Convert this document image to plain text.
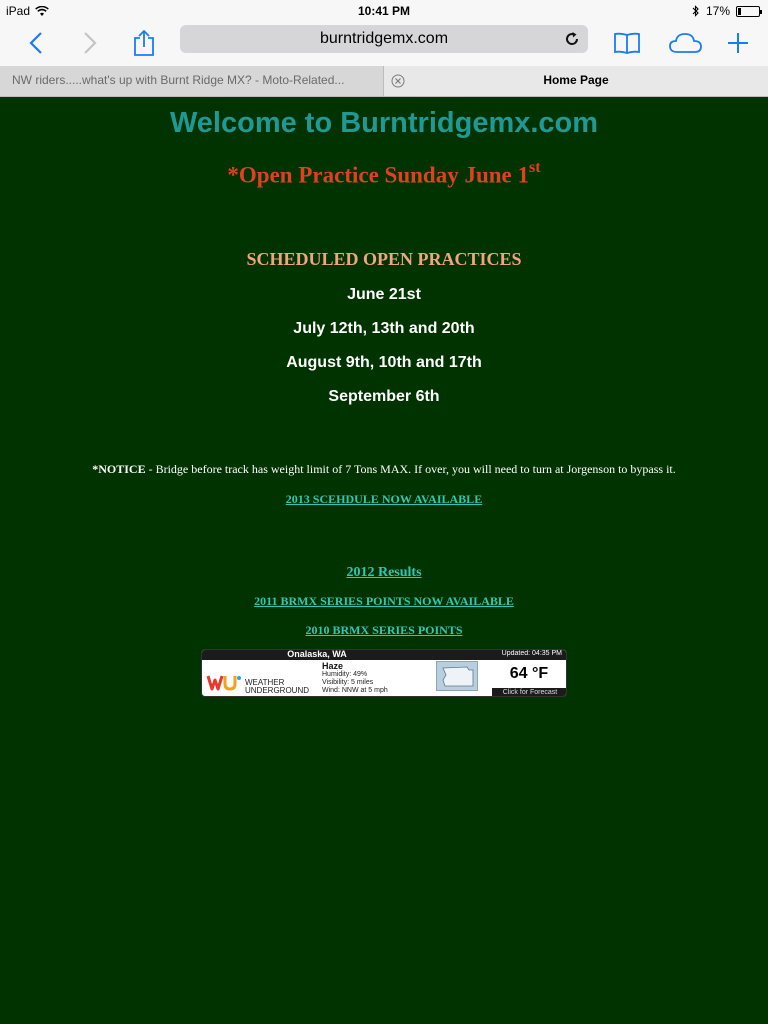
iPad	10:41 PM	17%
burntridgemx.com
NW riders.....what's up with Burnt Ridge MX? - Moto-Related...	Home Page
Welcome to Burntridgemx.com
*Open Practice Sunday June 1st
SCHEDULED OPEN PRACTICES
June 21st
July 12th, 13th and 20th
August 9th, 10th and 17th
September 6th
*NOTICE - Bridge before track has weight limit of 7 Tons MAX. If over, you will need to turn at Jorgenson to bypass it.
2013 SCEHDULE NOW AVAILABLE
2012 Results
2011 BRMX SERIES POINTS NOW AVAILABLE
2010 BRMX SERIES POINTS
Onalaska, WA	Updated: 04:35 PM
WEATHER
UNDERGROUND
Haze
Humidity: 49%
Visibility: 5 miles
Wind: NNW at 5 mph
64 °F
Click for Forecast
